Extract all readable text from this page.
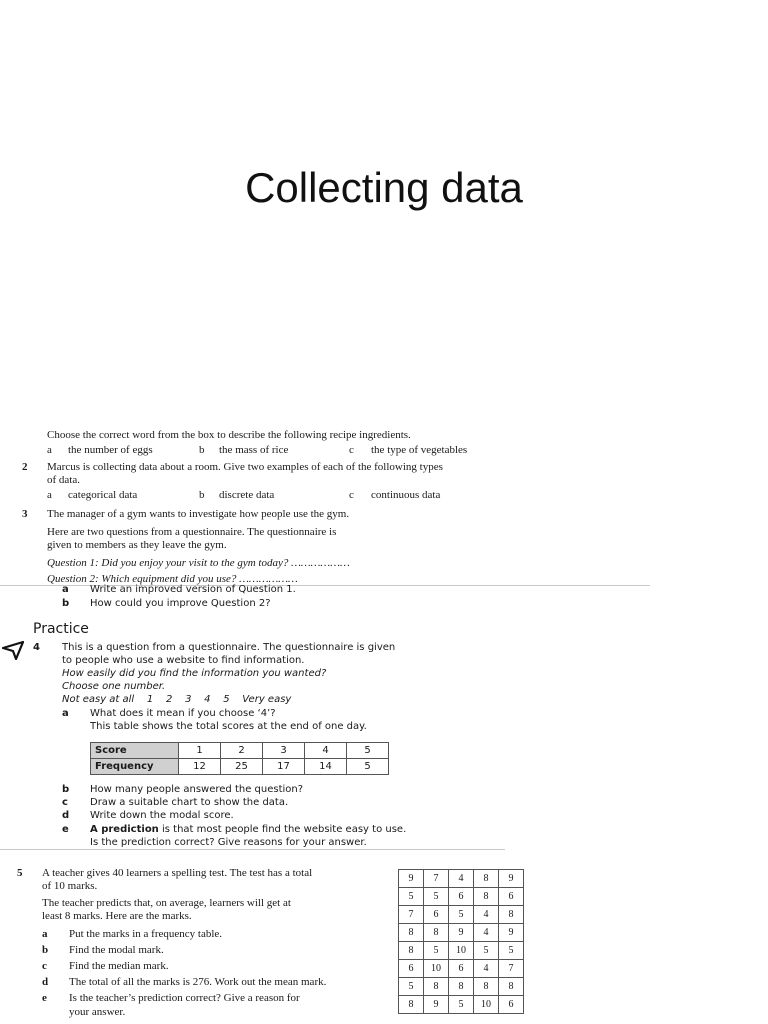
Collecting data
Choose the correct word from the box to describe the following recipe ingredients.
a the number of eggs	b the mass of rice	c the type of vegetables
2 Marcus is collecting data about a room. Give two examples of each of the following types
of data.
a categorical data	b discrete data	c continuous data
3 The manager of a gym wants to investigate how people use the gym.
Here are two questions from a questionnaire. The questionnaire is
given to members as they leave the gym.
Question 1: Did you enjoy your visit to the gym today? ………………
Question 2: Which equipment did you use? ………………
a Write an improved version of Question 1.
b How could you improve Question 2?
Practice
4 This is a question from a questionnaire. The questionnaire is given
to people who use a website to find information.
How easily did you find the information you wanted?
Choose one number.
Not easy at all    1    2    3    4    5    Very easy
a What does it mean if you choose ‘4’?
This table shows the total scores at the end of one day.
Score	1	2	3	4	5
Frequency	12	25	17	14	5
b How many people answered the question?
c Draw a suitable chart to show the data.
d Write down the modal score.
e A prediction is that most people find the website easy to use.
Is the prediction correct? Give reasons for your answer.
5 A teacher gives 40 learners a spelling test. The test has a total
of 10 marks.
The teacher predicts that, on average, learners will get at
least 8 marks. Here are the marks.
a Put the marks in a frequency table.
b Find the modal mark.
c Find the median mark.
d The total of all the marks is 276. Work out the mean mark.
e Is the teacher’s prediction correct? Give a reason for
your answer.
9	7	4	8	9
5	5	6	8	6
7	6	5	4	8
8	8	9	4	9
8	5	10	5	5
6	10	6	4	7
5	8	8	8	8
8	9	5	10	6
